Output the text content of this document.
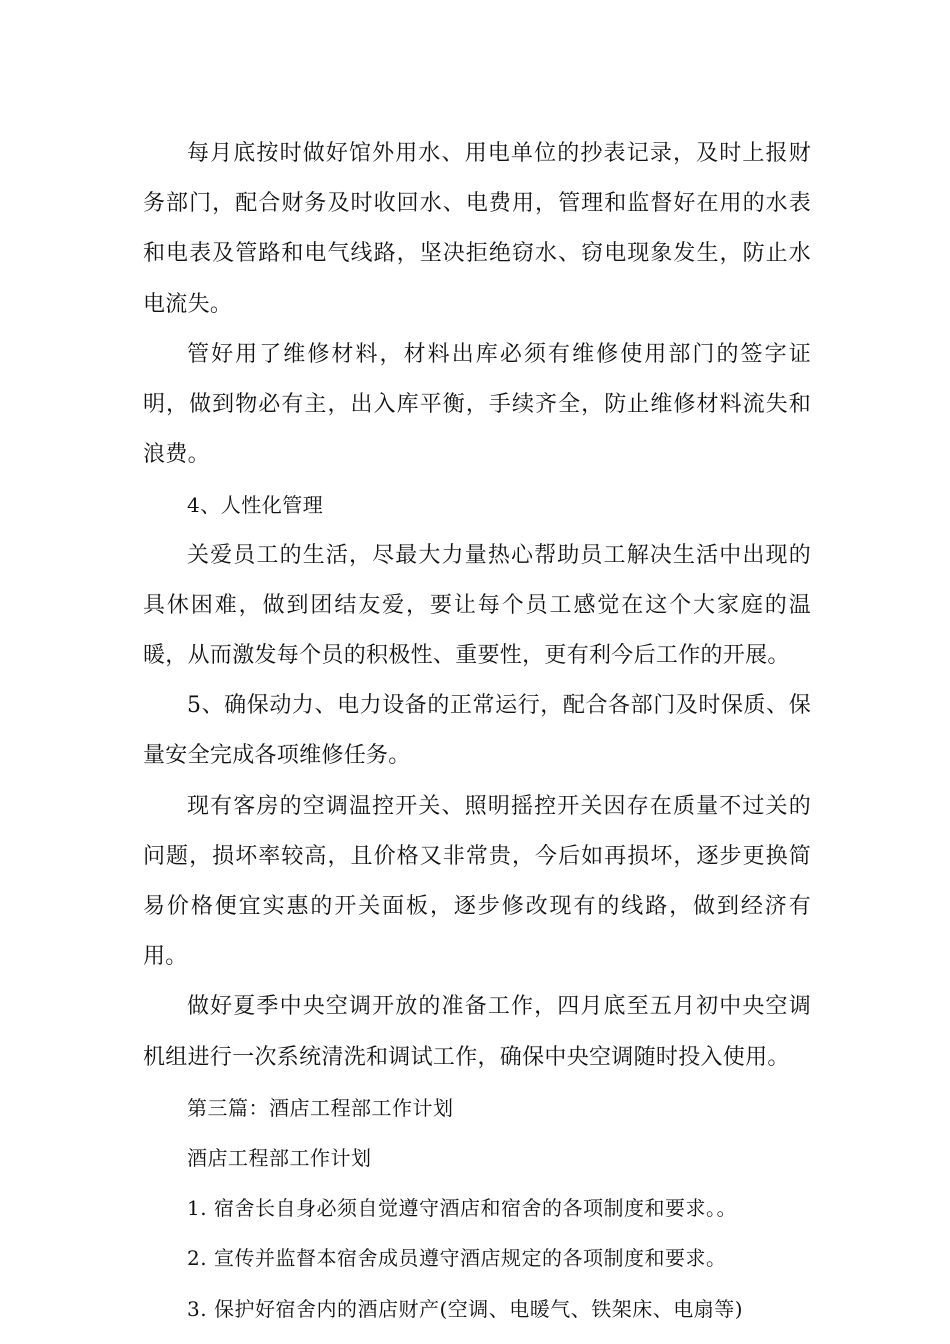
每月底按时做好馆外用水、用电单位的抄表记录，及时上报财务部门，配合财务及时收回水、电费用，管理和监督好在用的水表和电表及管路和电气线路，坚决拒绝窃水、窃电现象发生，防止水电流失。

管好用了维修材料，材料出库必须有维修使用部门的签字证明，做到物必有主，出入库平衡，手续齐全，防止维修材料流失和浪费。

4、人性化管理

关爱员工的生活，尽最大力量热心帮助员工解决生活中出现的具休困难，做到团结友爱，要让每个员工感觉在这个大家庭的温暖，从而激发每个员的积极性、重要性，更有利今后工作的开展。

5、确保动力、电力设备的正常运行，配合各部门及时保质、保量安全完成各项维修任务。

现有客房的空调温控开关、照明摇控开关因存在质量不过关的问题，损坏率较高，且价格又非常贵，今后如再损坏，逐步更换简易价格便宜实惠的开关面板，逐步修改现有的线路，做到经济有用。

做好夏季中央空调开放的准备工作，四月底至五月初中央空调机组进行一次系统清洗和调试工作，确保中央空调随时投入使用。

第三篇：酒店工程部工作计划

酒店工程部工作计划

1. 宿舍长自身必须自觉遵守酒店和宿舍的各项制度和要求。。

2. 宣传并监督本宿舍成员遵守酒店规定的各项制度和要求。

3. 保护好宿舍内的酒店财产(空调、电暖气、铁架床、电扇等)
